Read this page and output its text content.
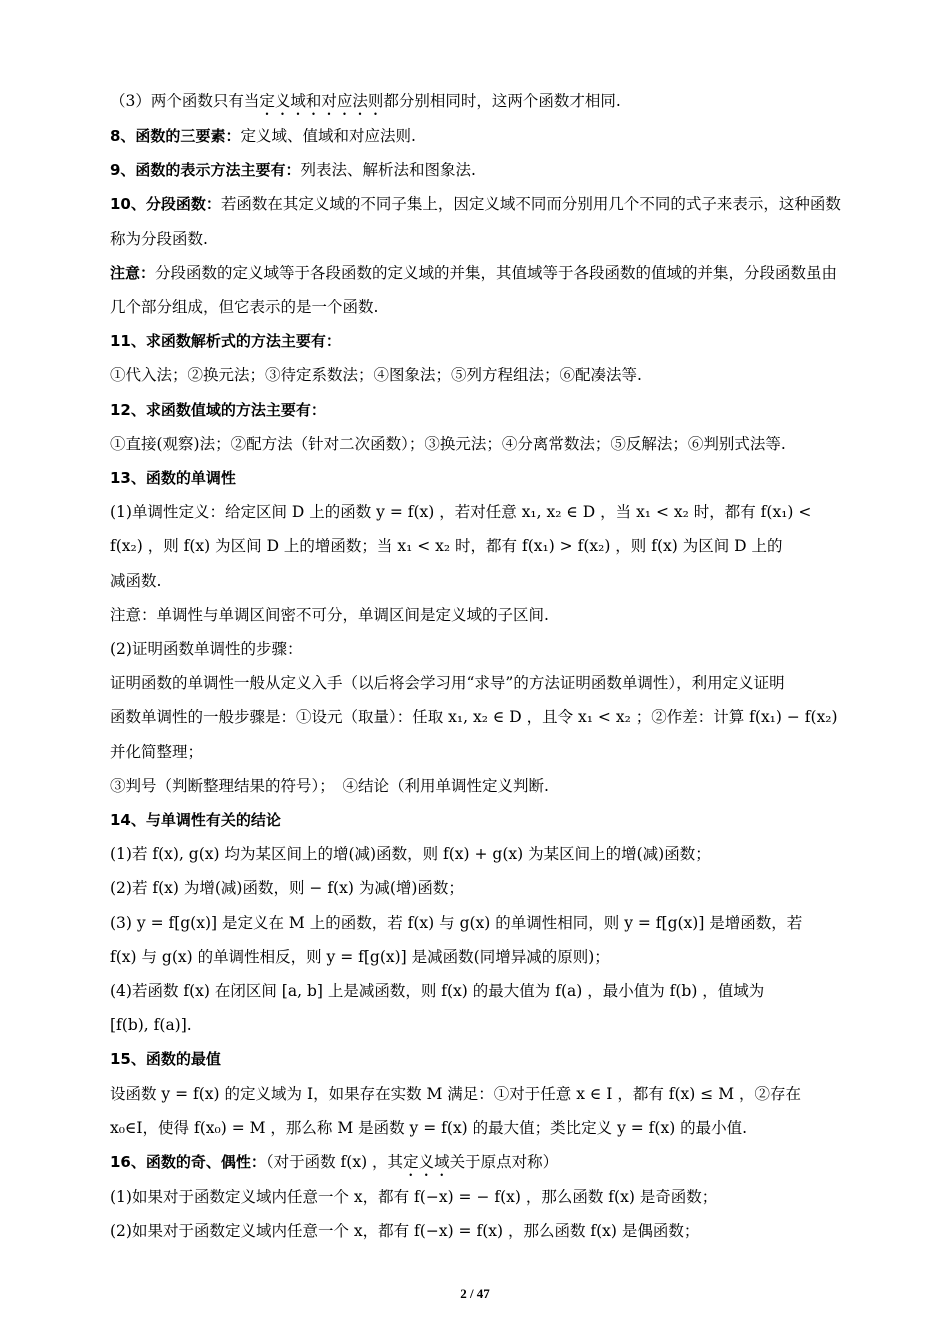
（3）两个函数只有当定义域和对应法则都分别相同时，这两个函数才相同.
8、函数的三要素：定义域、值域和对应法则.
9、函数的表示方法主要有：列表法、解析法和图象法.
10、分段函数：若函数在其定义域的不同子集上，因定义域不同而分别用几个不同的式子来表示，这种函数称为分段函数.
注意：分段函数的定义域等于各段函数的定义域的并集，其值域等于各段函数的值域的并集，分段函数虽由几个部分组成，但它表示的是一个函数.
11、求函数解析式的方法主要有：
①代入法；②换元法；③待定系数法；④图象法；⑤列方程组法；⑥配凑法等.
12、求函数值域的方法主要有：
①直接(观察)法；②配方法（针对二次函数）；③换元法；④分离常数法；⑤反解法；⑥判别式法等.
13、函数的单调性
(1)单调性定义：给定区间 D 上的函数 y = f(x) ，若对任意 x₁, x₂ ∈ D ，当 x₁ < x₂ 时，都有 f(x₁) <
f(x₂) ，则 f(x) 为区间 D 上的增函数；当 x₁ < x₂ 时，都有 f(x₁) > f(x₂) ，则 f(x) 为区间 D 上的
减函数.
注意：单调性与单调区间密不可分，单调区间是定义域的子区间.
(2)证明函数单调性的步骤：
证明函数的单调性一般从定义入手（以后将会学习用“求导”的方法证明函数单调性），利用定义证明
函数单调性的一般步骤是：①设元（取量）：任取 x₁, x₂ ∈ D ，且令 x₁ < x₂ ；②作差：计算 f(x₁) − f(x₂)
并化简整理；
③判号（判断整理结果的符号）；　④结论（利用单调性定义判断.
14、与单调性有关的结论
(1)若 f(x), g(x) 均为某区间上的增(减)函数，则 f(x) + g(x) 为某区间上的增(减)函数；
(2)若 f(x) 为增(减)函数，则 − f(x) 为减(增)函数；
(3) y = f[g(x)] 是定义在 M 上的函数，若 f(x) 与 g(x) 的单调性相同，则 y = f[g(x)] 是增函数，若
f(x) 与 g(x) 的单调性相反，则 y = f[g(x)] 是减函数(同增异减的原则)；
(4)若函数 f(x) 在闭区间 [a, b] 上是减函数，则 f(x) 的最大值为 f(a) ，最小值为 f(b) ，值域为
[f(b), f(a)].
15、函数的最值
设函数 y = f(x) 的定义域为 I，如果存在实数 M 满足：①对于任意 x ∈ I ，都有 f(x) ≤ M ，②存在
x₀∈I，使得 f(x₀) = M ，那么称 M 是函数 y = f(x) 的最大值；类比定义 y = f(x) 的最小值.
16、函数的奇、偶性：（对于函数 f(x) ，其定义域关于原点对称）
(1)如果对于函数定义域内任意一个 x，都有 f(−x) = − f(x) ，那么函数 f(x) 是奇函数；
(2)如果对于函数定义域内任意一个 x，都有 f(−x) = f(x) ，那么函数 f(x) 是偶函数；
2 / 47
